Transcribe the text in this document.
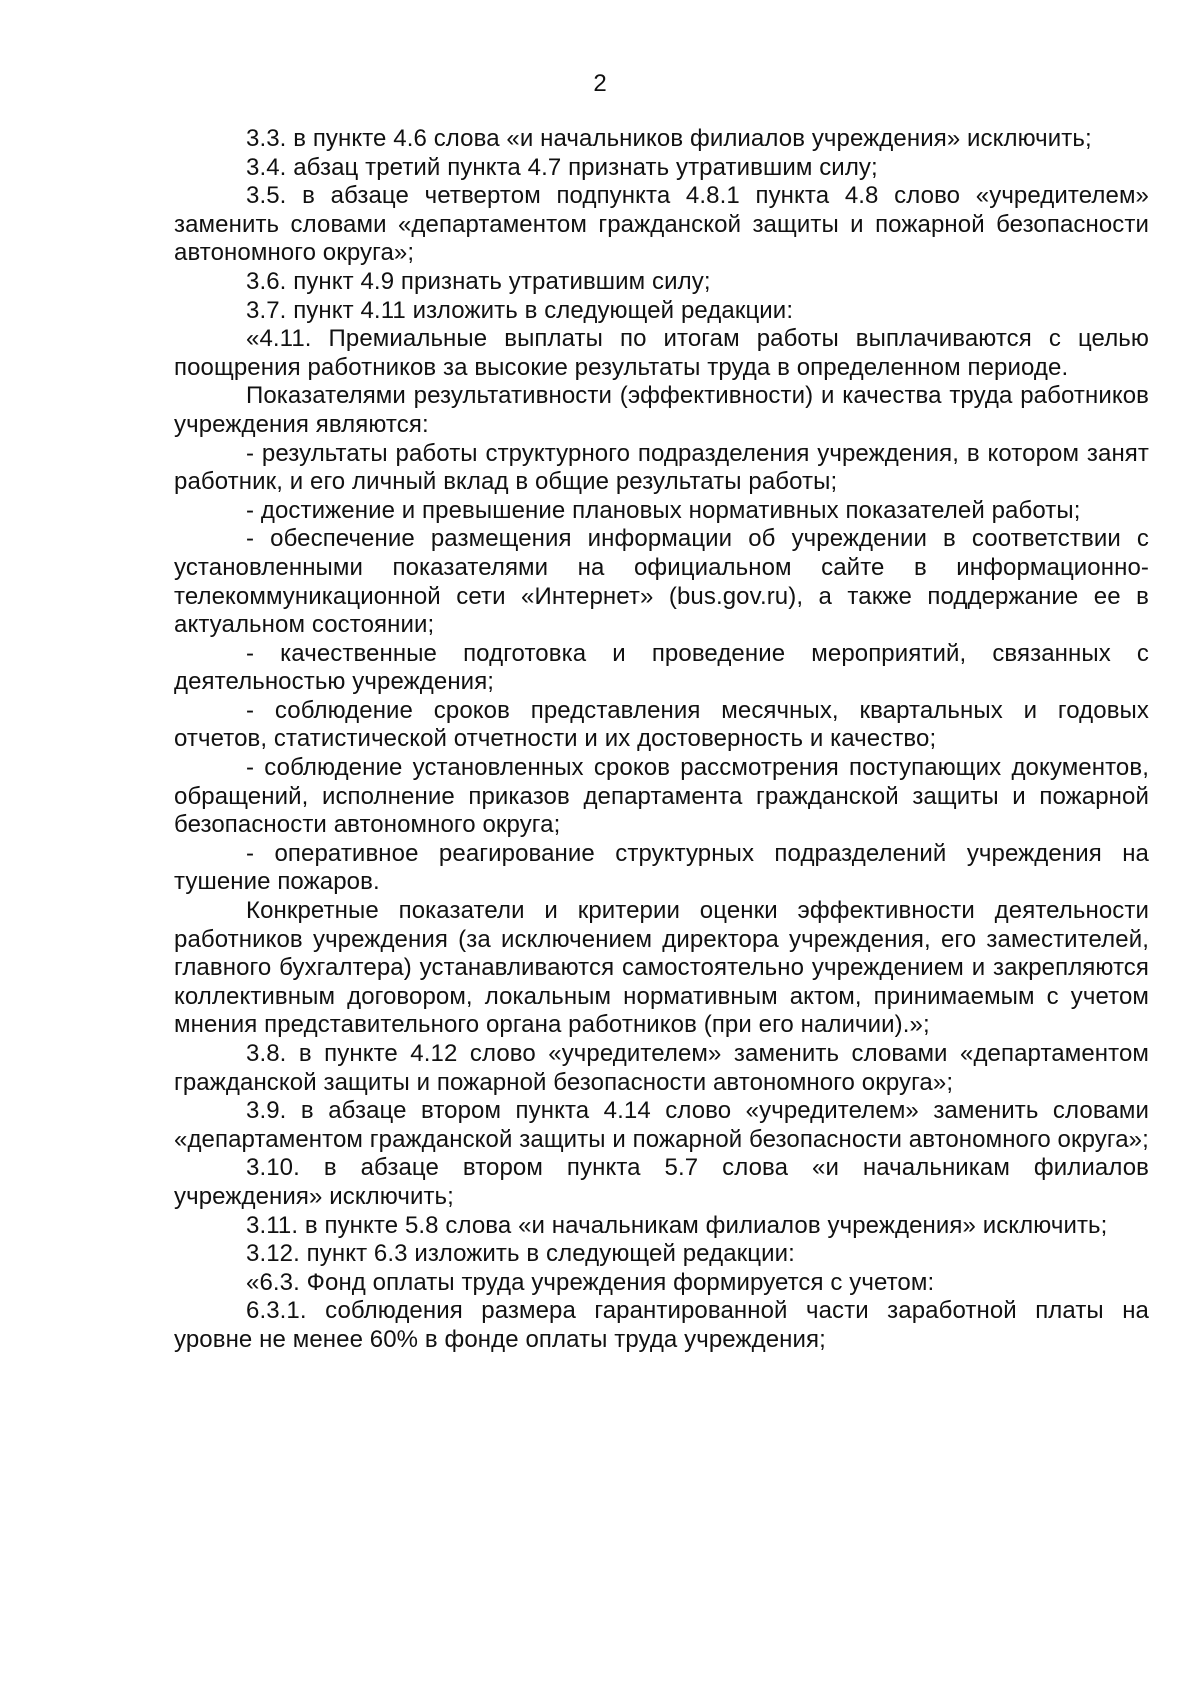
2

3.3. в пункте 4.6 слова «и начальников филиалов учреждения» исключить;

3.4. абзац третий пункта 4.7 признать утратившим силу;

3.5. в абзаце четвертом подпункта 4.8.1 пункта 4.8 слово «учредителем» заменить словами «департаментом гражданской защиты и пожарной безопасности автономного округа»;

3.6. пункт 4.9 признать утратившим силу;

3.7. пункт 4.11 изложить в следующей редакции:

«4.11. Премиальные выплаты по итогам работы выплачиваются с целью поощрения работников за высокие результаты труда в определенном периоде.

Показателями результативности (эффективности) и качества труда работников учреждения являются:

- результаты работы структурного подразделения учреждения, в котором занят работник, и его личный вклад в общие результаты работы;

- достижение и превышение плановых нормативных показателей работы;

- обеспечение размещения информации об учреждении в соответствии с установленными показателями на официальном сайте в информационно-телекоммуникационной сети «Интернет» (bus.gov.ru), а также поддержание ее в актуальном состоянии;

- качественные подготовка и проведение мероприятий, связанных с деятельностью учреждения;

- соблюдение сроков представления месячных, квартальных и годовых отчетов, статистической отчетности и их достоверность и качество;

- соблюдение установленных сроков рассмотрения поступающих документов, обращений, исполнение приказов департамента гражданской защиты и пожарной безопасности автономного округа;

- оперативное реагирование структурных подразделений учреждения на тушение пожаров.

Конкретные показатели и критерии оценки эффективности деятельности работников учреждения (за исключением директора учреждения, его заместителей, главного бухгалтера) устанавливаются самостоятельно учреждением и закрепляются коллективным договором, локальным нормативным актом, принимаемым с учетом мнения представительного органа работников (при его наличии).»;

3.8. в пункте 4.12 слово «учредителем» заменить словами «департаментом гражданской защиты и пожарной безопасности автономного округа»;

3.9. в абзаце втором пункта 4.14 слово «учредителем» заменить словами «департаментом гражданской защиты и пожарной безопасности автономного округа»;

3.10. в абзаце втором пункта 5.7 слова «и начальникам филиалов учреждения» исключить;

3.11. в пункте 5.8 слова «и начальникам филиалов учреждения» исключить;

3.12. пункт 6.3 изложить в следующей редакции:

«6.3. Фонд оплаты труда учреждения формируется с учетом:

6.3.1. соблюдения размера гарантированной части заработной платы на уровне не менее 60% в фонде оплаты труда учреждения;
